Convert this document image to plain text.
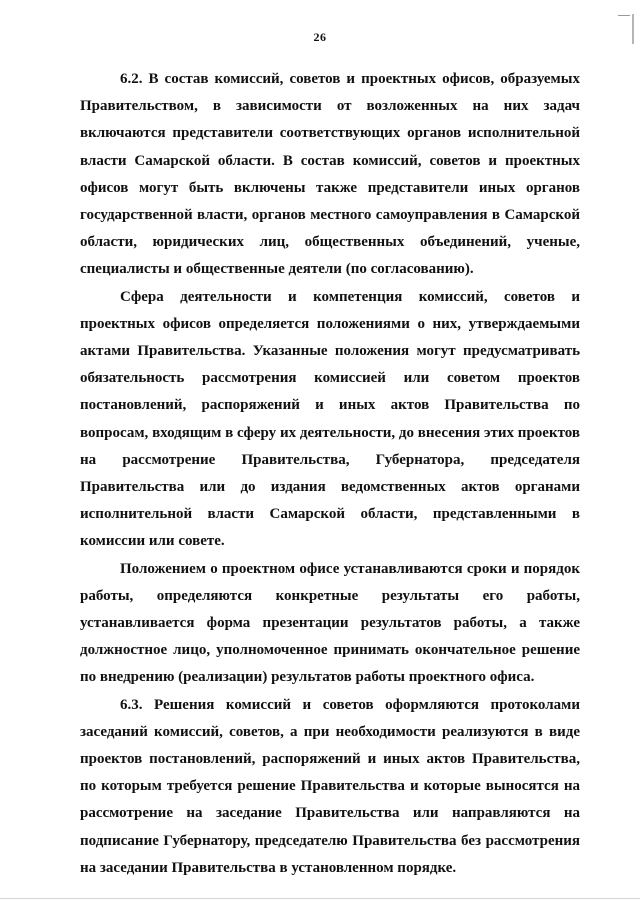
26

6.2. В состав комиссий, советов и проектных офисов, образуемых Правительством, в зависимости от возложенных на них задач включаются представители соответствующих органов исполнительной власти Самарской области. В состав комиссий, советов и проектных офисов могут быть включены также представители иных органов государственной власти, органов местного самоуправления в Самарской области, юридических лиц, общественных объединений, ученые, специалисты и общественные деятели (по согласованию).

Сфера деятельности и компетенция комиссий, советов и проектных офисов определяется положениями о них, утверждаемыми актами Правительства. Указанные положения могут предусматривать обязательность рассмотрения комиссией или советом проектов постановлений, распоряжений и иных актов Правительства по вопросам, входящим в сферу их деятельности, до внесения этих проектов на рассмотрение Правительства, Губернатора, председателя Правительства или до издания ведомственных актов органами исполнительной власти Самарской области, представленными в комиссии или совете.

Положением о проектном офисе устанавливаются сроки и порядок работы, определяются конкретные результаты его работы, устанавливается форма презентации результатов работы, а также должностное лицо, уполномоченное принимать окончательное решение по внедрению (реализации) результатов работы проектного офиса.

6.3. Решения комиссий и советов оформляются протоколами заседаний комиссий, советов, а при необходимости реализуются в виде проектов постановлений, распоряжений и иных актов Правительства, по которым требуется решение Правительства и которые выносятся на рассмотрение на заседание Правительства или направляются на подписание Губернатору, председателю Правительства без рассмотрения на заседании Правительства в установленном порядке.
